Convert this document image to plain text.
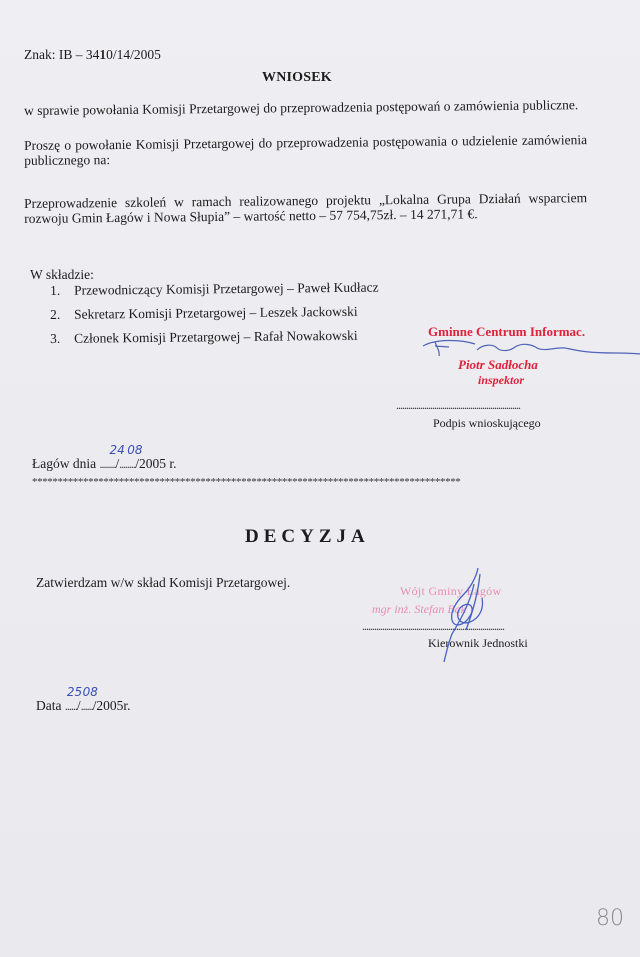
Znak: IB – 3410/14/2005
WNIOSEK
w sprawie powołania Komisji Przetargowej do przeprowadzenia postępowań o zamówienia publiczne.
Proszę o powołanie Komisji Przetargowej do przeprowadzenia postępowania o udzielenie zamówienia publicznego na:
Przeprowadzenie szkoleń w ramach realizowanego projektu „Lokalna Grupa Działań wsparciem rozwoju Gmin Łagów i Nowa Słupia” – wartość netto – 57 754,75zł. – 14 271,71 €.
W składzie:
1. Przewodniczący Komisji Przetargowej – Paweł Kudłacz
2. Sekretarz Komisji Przetargowej – Leszek Jackowski
3. Członek Komisji Przetargowej – Rafał Nowakowski	Gminne Centrum Informac.
Piotr Sadłocha
inspektor
..............................................................
Podpis wnioskującego
Łagów dnia ........
24
/........
08
/2005 r.
************************************************************************************
DECYZJA
Zatwierdzam w/w skład Komisji Przetargowej.
Wójt Gminy Łagów
mgr inż. Stefan Bąk
.......................................................................
Kierownik Jednostki
Data ......
25
/......
08
/2005r.
80
